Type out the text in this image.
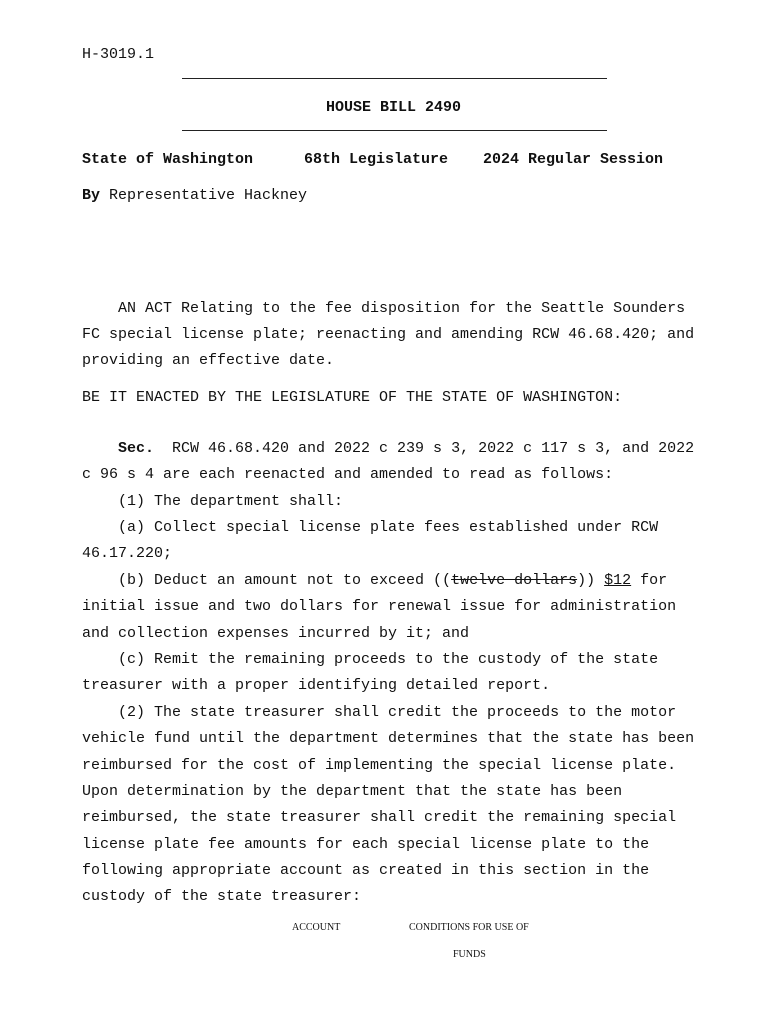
H-3019.1
HOUSE BILL 2490
State of Washington	68th Legislature 2024 Regular Session
By Representative Hackney
AN ACT Relating to the fee disposition for the Seattle Sounders
FC special license plate; reenacting and amending RCW 46.68.420; and
providing an effective date.
BE IT ENACTED BY THE LEGISLATURE OF THE STATE OF WASHINGTON:
Sec.  RCW 46.68.420 and 2022 c 239 s 3, 2022 c 117 s 3, and 2022
c 96 s 4 are each reenacted and amended to read as follows:
(1) The department shall:
(a) Collect special license plate fees established under RCW
46.17.220;
(b) Deduct an amount not to exceed ((twelve dollars)) $12 for
initial issue and two dollars for renewal issue for administration
and collection expenses incurred by it; and
(c) Remit the remaining proceeds to the custody of the state
treasurer with a proper identifying detailed report.
(2) The state treasurer shall credit the proceeds to the motor
vehicle fund until the department determines that the state has been
reimbursed for the cost of implementing the special license plate.
Upon determination by the department that the state has been
reimbursed, the state treasurer shall credit the remaining special
license plate fee amounts for each special license plate to the
following appropriate account as created in this section in the
custody of the state treasurer:
ACCOUNT	CONDITIONS FOR USE OF
FUNDS
